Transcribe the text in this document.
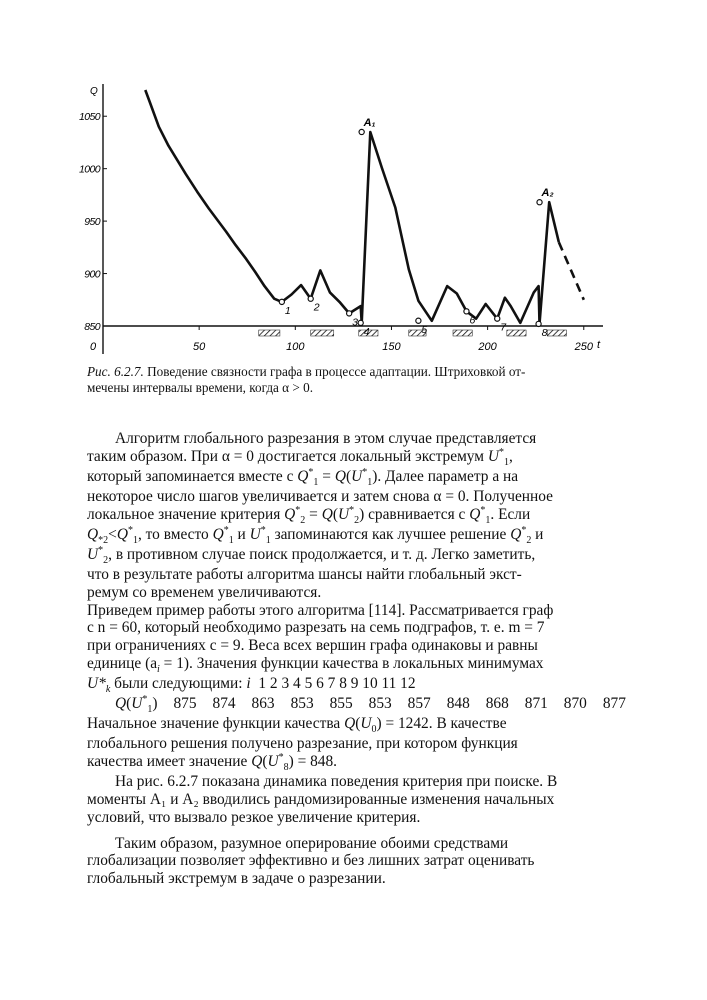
Q
t
1050
1000
950
900
850
0	50	100	150	200	250
1 2
3
4	5
6
7	8
A₁
A₂
Рис. 6.2.7. Поведение связности графа в процессе адаптации. Штриховкой от-
мечены интервалы времени, когда α > 0.

Алгоритм глобального разрезания в этом случае представляется

таким образом. При α = 0 достигается локальный экстремум $U^*_1$,

который запоминается вместе с $Q^*_1 = Q(U^*_1)$. Далее параметр а на

некоторое число шагов увеличивается и затем снова α = 0. Полученное

локальное значение критерия $Q^*_2 = Q(U^*_2)$ сравнивается с $Q^*_1$. Если

$Q_{*2}<Q^*_1$, то вместо $Q^*_1$ и $U^*_1$ запоминаются как лучшее решение $Q^*_2$ и

$U^*_2$, в противном случае поиск продолжается, и т. д. Легко заметить,

что в результате работы алгоритма шансы найти глобальный экст-

ремум со временем увеличиваются.

Приведем пример работы этого алгоритма [114]. Рассматривается граф

с n = 60, который необходимо разрезать на семь подграфов, т. е. m = 7

при ограничениях с = 9. Веса всех вершин графа одинаковы и равны

единице $(a_i = 1)$. Значения функции качества в локальных минимумах

$U*_k$ были следующими: i 1 2 3 4 5 6 7 8 9 10 11 12

$Q(U^*_1)$ 875 874 863 853 855 853 857 848 868 871 870 877

Начальное значение функции качества $Q(U_0) = 1242$. В качестве

глобального решения получено разрезание, при котором функция

качества имеет значение $Q(U^*_8) = 848$.

На рис. 6.2.7 показана динамика поведения критерия при поиске. В

моменты A₁ и A₂ вводились рандомизированные изменения начальных

условий, что вызвало резкое увеличение критерия.

Таким образом, разумное оперирование обоими средствами

глобализации позволяет эффективно и без лишних затрат оценивать

глобальный экстремум в задаче о разрезании.
